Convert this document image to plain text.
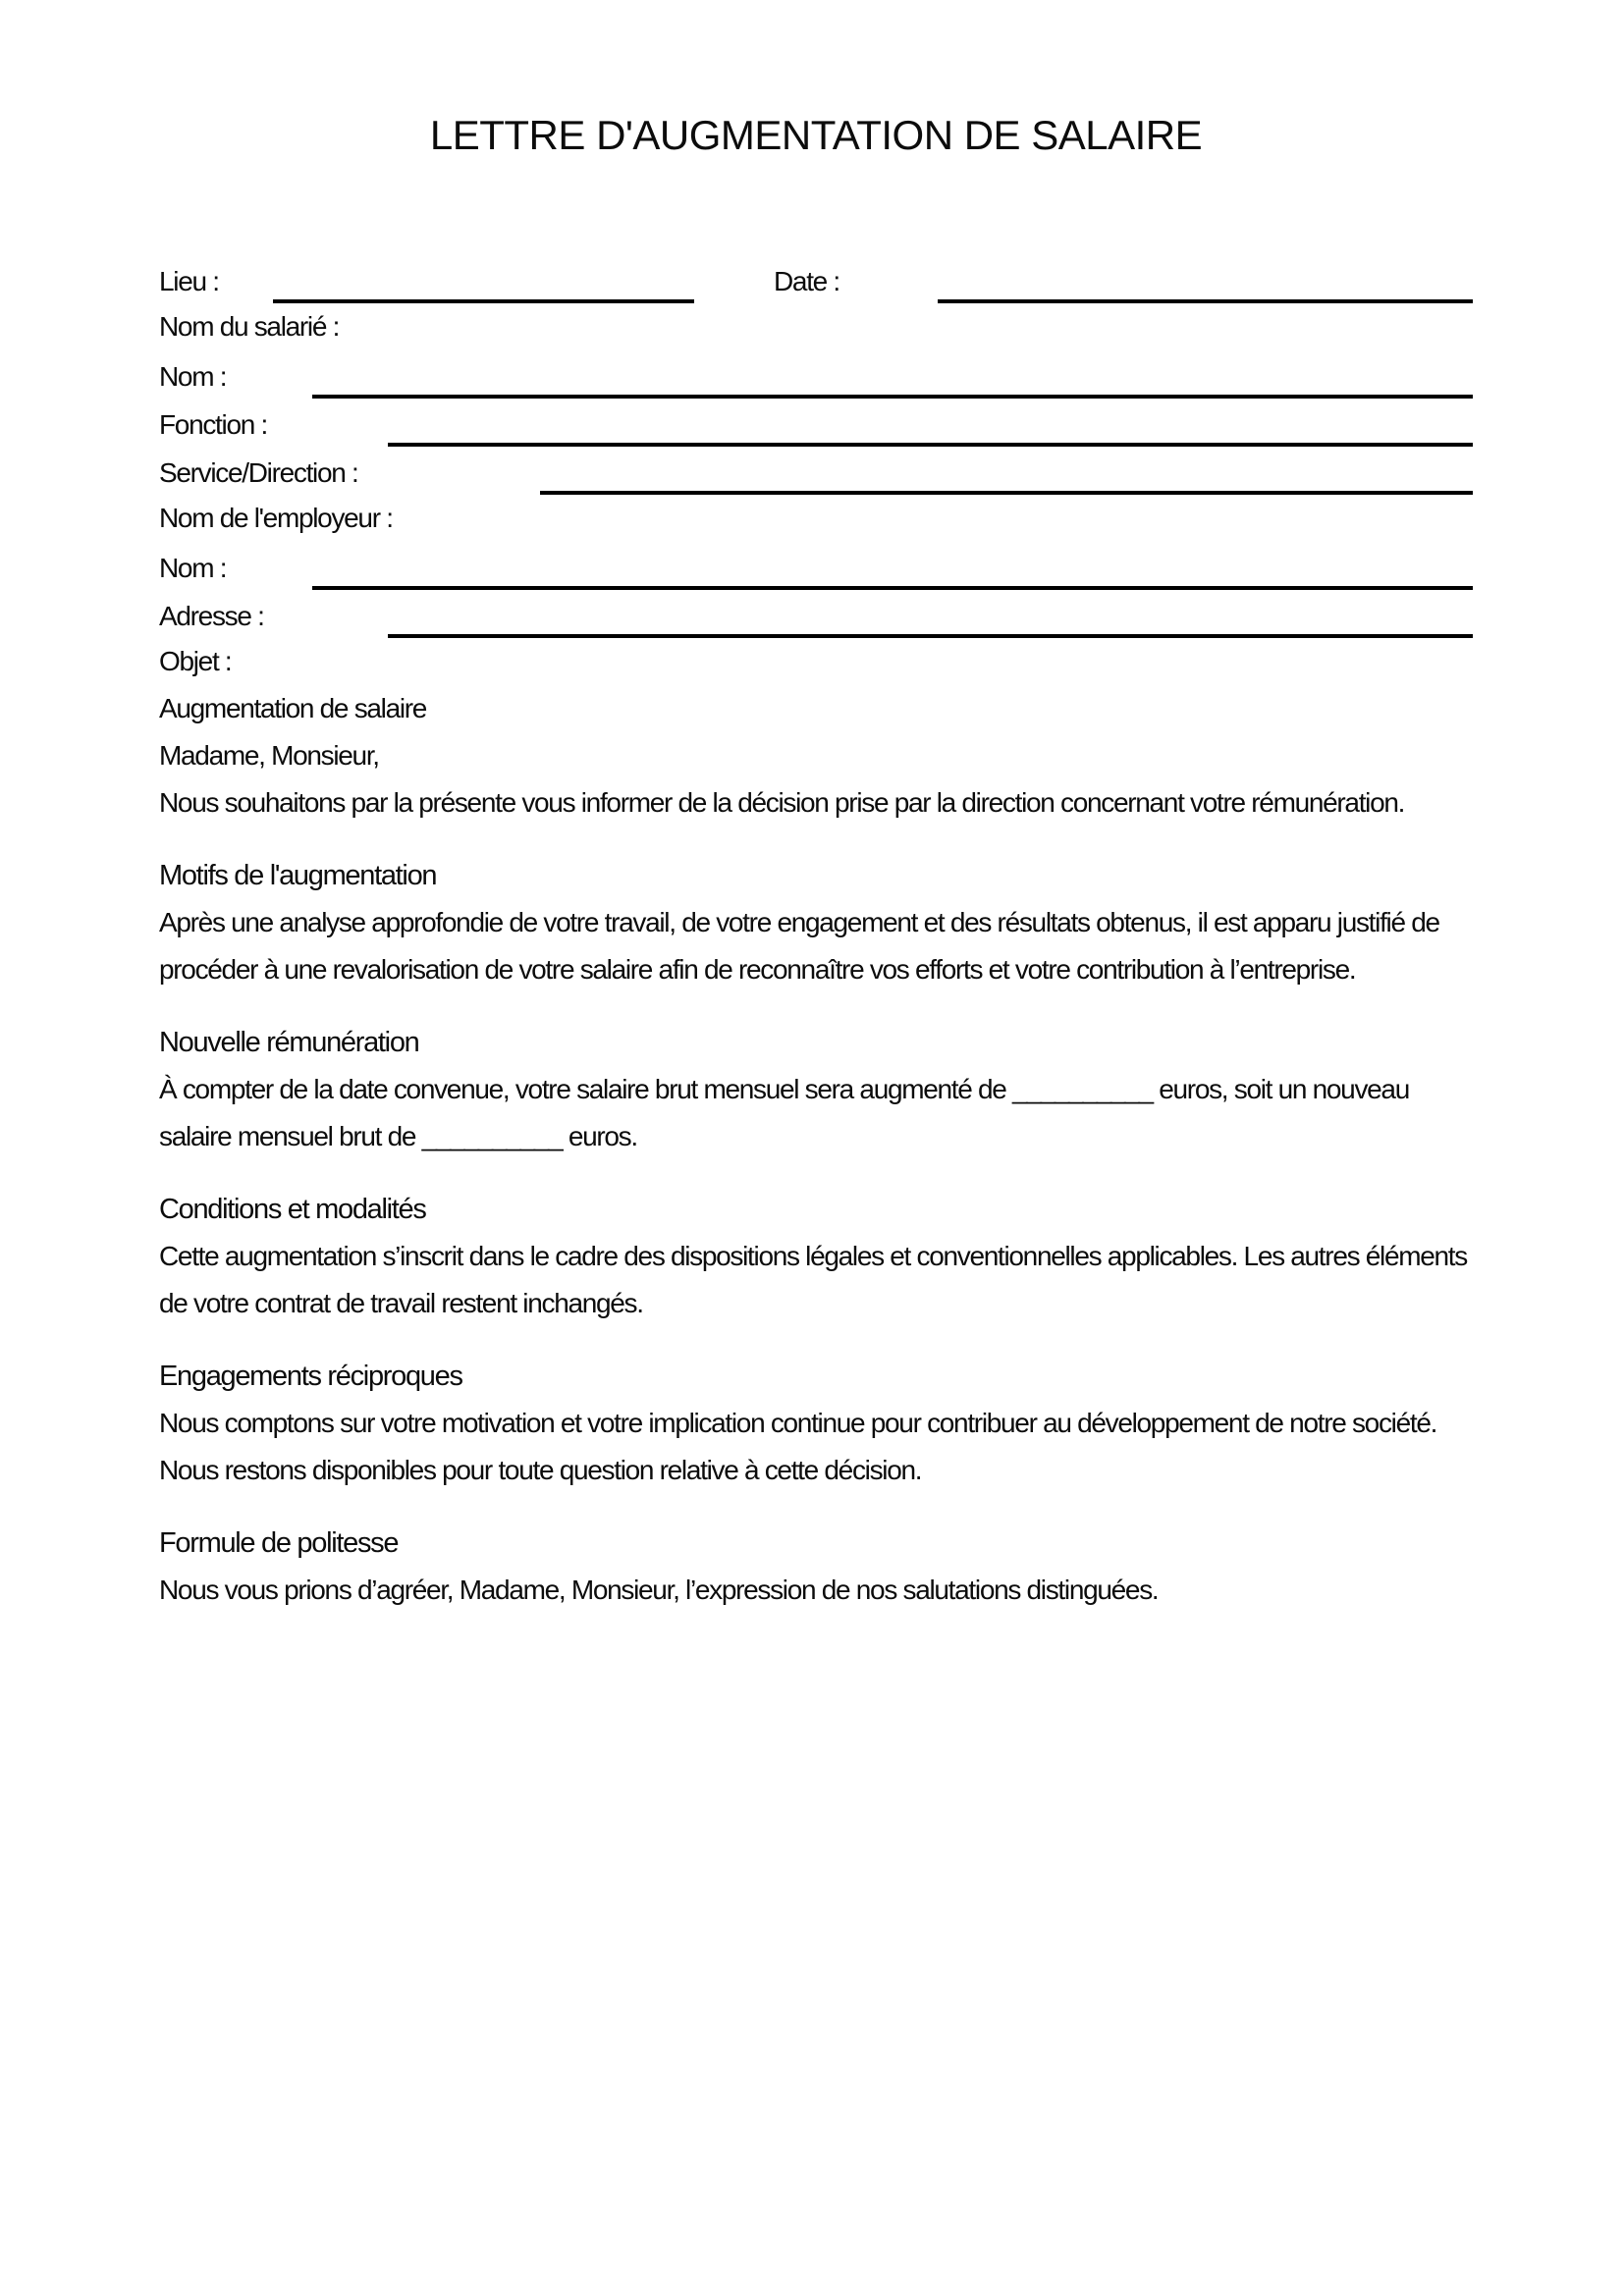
LETTRE D'AUGMENTATION DE SALAIRE
Lieu :	Date :
Nom du salarié :
Nom :
Fonction :
Service/Direction :
Nom de l'employeur :
Nom :
Adresse :
Objet :
Augmentation de salaire

Madame, Monsieur,

Nous souhaitons par la présente vous informer de la décision prise par la direction concernant votre rémunération.

Motifs de l'augmentation

Après une analyse approfondie de votre travail, de votre engagement et des résultats obtenus, il est apparu justifié de procéder à une revalorisation de votre salaire afin de reconnaître vos efforts et votre contribution à l’entreprise.

Nouvelle rémunération

À compter de la date convenue, votre salaire brut mensuel sera augmenté de __________ euros, soit un nouveau salaire mensuel brut de __________ euros.

Conditions et modalités

Cette augmentation s’inscrit dans le cadre des dispositions légales et conventionnelles applicables. Les autres éléments de votre contrat de travail restent inchangés.

Engagements réciproques

Nous comptons sur votre motivation et votre implication continue pour contribuer au développement de notre société. Nous restons disponibles pour toute question relative à cette décision.

Formule de politesse

Nous vous prions d’agréer, Madame, Monsieur, l’expression de nos salutations distinguées.
